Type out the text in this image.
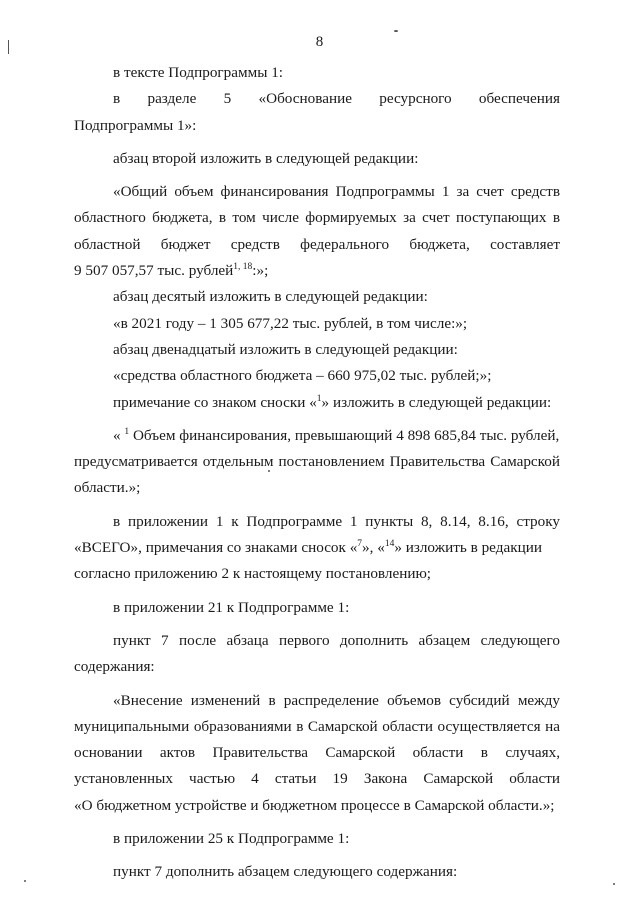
8
в тексте Подпрограммы 1:
в разделе 5 «Обоснование ресурсного обеспечения
Подпрограммы 1»:
абзац второй изложить в следующей редакции:
«Общий объем финансирования Подпрограммы 1 за счет средств
областного бюджета, в том числе формируемых за счет поступающих в
областной бюджет средств федерального бюджета, составляет
9 507 057,57 тыс. рублей$^{1, 18}$:»;
абзац десятый изложить в следующей редакции:
«в 2021 году – 1 305 677,22 тыс. рублей, в том числе:»;
абзац двенадцатый изложить в следующей редакции:
«средства областного бюджета – 660 975,02 тыс. рублей;»;
примечание со знаком сноски «$^1$» изложить в следующей редакции:
« $^1$ Объем финансирования, превышающий 4 898 685,84 тыс. рублей,
предусматривается отдельным постановлением Правительства Самарской
области.»;
в приложении 1 к Подпрограмме 1 пункты 8, 8.14, 8.16, строку
«ВСЕГО», примечания со знаками сносок «$^7$», «$^{14}$» изложить в редакции
согласно приложению 2 к настоящему постановлению;
в приложении 21 к Подпрограмме 1:
пункт 7 после абзаца первого дополнить абзацем следующего
содержания:
«Внесение изменений в распределение объемов субсидий между
муниципальными образованиями в Самарской области осуществляется на
основании актов Правительства Самарской области в случаях,
установленных частью 4 статьи 19 Закона Самарской области
«О бюджетном устройстве и бюджетном процессе в Самарской области.»;
в приложении 25 к Подпрограмме 1:
пункт 7 дополнить абзацем следующего содержания:
